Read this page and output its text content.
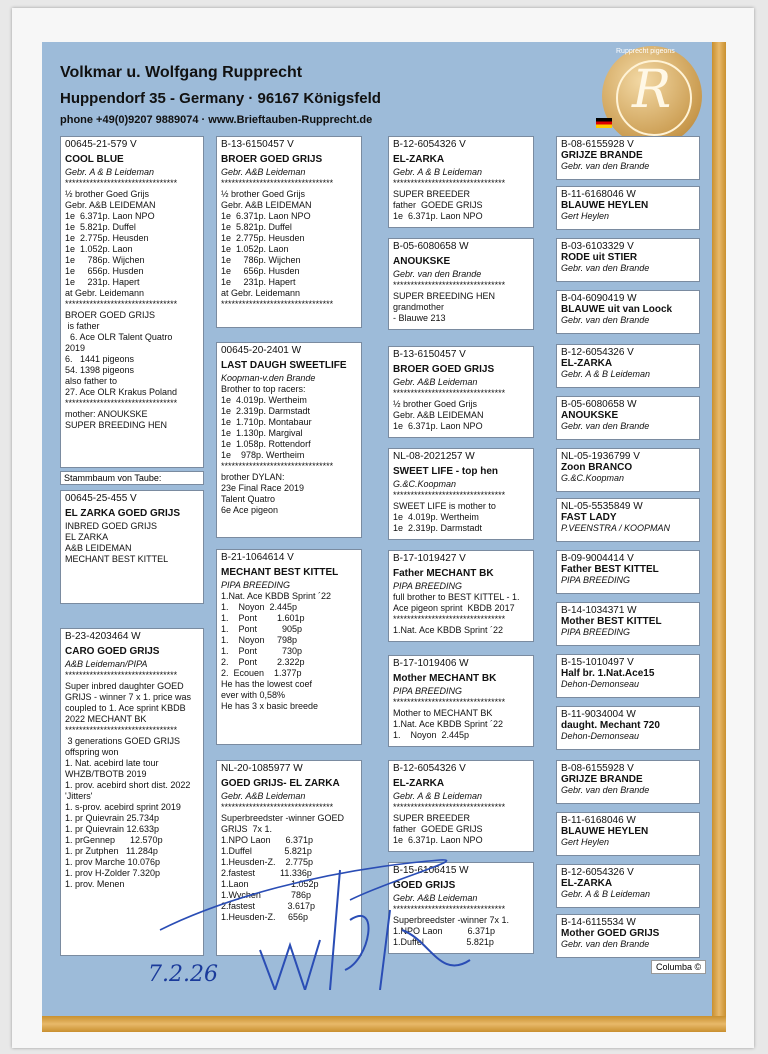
Volkmar u. Wolfgang Rupprecht
Huppendorf 35 - Germany · 96167 Königsfeld
phone +49(0)9207 9889074 · www.Brieftauben-Rupprecht.de
Rupprecht pigeons
R
00645-21-579 V
COOL BLUE
Gebr. A & B Leideman
********************************
½ brother Goed Grijs
Gebr. A&B LEIDEMAN
1e  6.371p. Laon NPO
1e  5.821p. Duffel
1e  2.775p. Heusden
1e  1.052p. Laon
1e     786p. Wijchen
1e     656p. Husden
1e     231p. Hapert
at Gebr. Leidemann
********************************
BROER GOED GRIJS
is father
6. Ace OLR Talent Quatro
2019
6.   1441 pigeons
54. 1398 pigeons
also father to
27. Ace OLR Krakus Poland
********************************
mother: ANOUKSKE
SUPER BREEDING HEN
00645-25-455 V
EL ZARKA GOED GRIJS
INBRED GOED GRIJS
EL ZARKA
A&B LEIDEMAN
MECHANT BEST KITTEL
B-23-4203464 W
CARO GOED GRIJS
A&B Leideman/PIPA
********************************
Super inbred daughter GOED
GRIJS - winner 7 x 1. price was
coupled to 1. Ace sprint KBDB
2022 MECHANT BK
********************************
3 generations GOED GRIJS
offspring won
1. Nat. acebird late tour
WHZB/TBOTB 2019
1. prov. acebird short dist. 2022
'Jitters'
1. s-prov. acebird sprint 2019
1. pr Quievrain 25.734p
1. pr Quievrain 12.633p
1. prGennep      12.570p
1. pr Zutphen   11.284p
1. prov Marche 10.076p
1. prov H-Zolder 7.320p
1. prov. Menen
B-13-6150457 V
BROER GOED GRIJS
Gebr. A&B Leideman
********************************
½ brother Goed Grijs
Gebr. A&B LEIDEMAN
1e  6.371p. Laon NPO
1e  5.821p. Duffel
1e  2.775p. Heusden
1e  1.052p. Laon
1e     786p. Wijchen
1e     656p. Husden
1e     231p. Hapert
at Gebr. Leidemann
********************************
00645-20-2401 W
LAST DAUGH SWEETLIFE
Koopman-v.den Brande
Brother to top racers:
1e  4.019p. Wertheim
1e  2.319p. Darmstadt
1e  1.710p. Montabaur
1e  1.130p. Margival
1e  1.058p. Rottendorf
1e    978p. Wertheim
********************************
brother DYLAN:
23e Final Race 2019
Talent Quatro
6e Ace pigeon
B-21-1064614 V
MECHANT BEST KITTEL
PIPA BREEDING
1.Nat. Ace KBDB Sprint ´22
1.    Noyon  2.445p
1.    Pont        1.601p
1.    Pont          905p
1.    Noyon     798p
1.    Pont          730p
2.    Pont        2.322p
2.  Ecouen    1.377p
He has the lowest coef
ever with 0,58%
He has 3 x basic breede
NL-20-1085977 W
GOED GRIJS- EL ZARKA
Gebr. A&B Leideman
********************************
Superbreedster -winner GOED
GRIJS  7x 1.
1.NPO Laon      6.371p
1.Duffel             5.821p
1.Heusden-Z.    2.775p
2.fastest          11.336p
1.Laon                 1.052p
1.Wychen            786p
2.fastest             3.617p
1.Heusden-Z.     656p
B-12-6054326 V
EL-ZARKA
Gebr. A & B Leideman
********************************
SUPER BREEDER
father  GOEDE GRIJS
1e  6.371p. Laon NPO
B-05-6080658 W
ANOUKSKE
Gebr. van den Brande
********************************
SUPER BREEDING HEN
grandmother
- Blauwe 213
B-13-6150457 V
BROER GOED GRIJS
Gebr. A&B Leideman
********************************
½ brother Goed Grijs
Gebr. A&B LEIDEMAN
1e  6.371p. Laon NPO
NL-08-2021257 W
SWEET LIFE - top hen
G.&C.Koopman
********************************
SWEET LIFE is mother to
1e  4.019p. Wertheim
1e  2.319p. Darmstadt
B-17-1019427 V
Father MECHANT BK
PIPA BREEDING
full brother to BEST KITTEL - 1.
Ace pigeon sprint  KBDB 2017
********************************
1.Nat. Ace KBDB Sprint ´22
B-17-1019406 W
Mother MECHANT BK
PIPA BREEDING
********************************
Mother to MECHANT BK
1.Nat. Ace KBDB Sprint ´22
1.    Noyon  2.445p
B-12-6054326 V
EL-ZARKA
Gebr. A & B Leideman
********************************
SUPER BREEDER
father  GOEDE GRIJS
1e  6.371p. Laon NPO
B-15-6106415 W
GOED GRIJS
Gebr. A&B Leideman
********************************
Superbreedster -winner 7x 1.
1.NPO Laon          6.371p
1.Duffel                 5.821p
B-08-6155928 V
GRIJZE BRANDE
Gebr. van den Brande
B-11-6168046 W
BLAUWE HEYLEN
Gert Heylen
B-03-6103329 V
RODE uit STIER
Gebr. van den Brande
B-04-6090419 W
BLAUWE uit van Loock
Gebr. van den Brande
B-12-6054326 V
EL-ZARKA
Gebr. A & B Leideman
B-05-6080658 W
ANOUKSKE
Gebr. van den Brande
NL-05-1936799 V
Zoon BRANCO
G.&C.Koopman
NL-05-5535849 W
FAST LADY
P.VEENSTRA / KOOPMAN
B-09-9004414 V
Father BEST KITTEL
PIPA BREEDING
B-14-1034371 W
Mother BEST KITTEL
PIPA BREEDING
B-15-1010497 V
Half br. 1.Nat.Ace15
Dehon-Demonseau
B-11-9034004 W
daught. Mechant 720
Dehon-Demonseau
B-08-6155928 V
GRIJZE BRANDE
Gebr. van den Brande
B-11-6168046 W
BLAUWE HEYLEN
Gert Heylen
B-12-6054326 V
EL-ZARKA
Gebr. A & B Leideman
B-14-6115534 W
Mother GOED GRIJS
Gebr. van den Brande
Stammbaum von Taube:
7.2.26	Columba ©
